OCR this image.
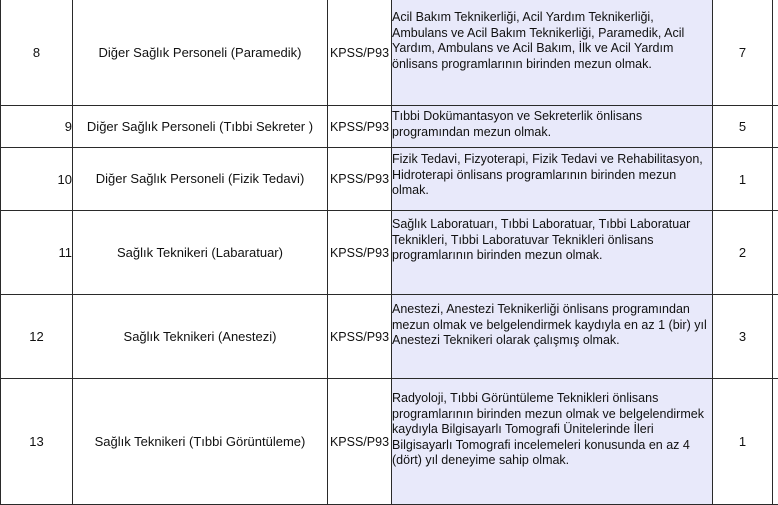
8	Diğer Sağlık Personeli (Paramedik)	KPSS/P93	Acil Bakım Teknikerliği, Acil Yardım Teknikerliği, Ambulans ve Acil Bakım Teknikerliği, Paramedik, Acil Yardım, Ambulans ve Acil Bakım, İlk ve Acil Yardım önlisans programlarının birinden mezun olmak.	7	
9	Diğer Sağlık Personeli (Tıbbi Sekreter )	KPSS/P93	Tıbbi Dokümantasyon ve Sekreterlik önlisans programından mezun olmak.	5	
10	Diğer Sağlık Personeli (Fizik Tedavi)	KPSS/P93	Fizik Tedavi, Fizyoterapi, Fizik Tedavi ve Rehabilitasyon, Hidroterapi önlisans programlarının birinden mezun olmak.	1	
11	Sağlık Teknikeri (Labaratuar)	KPSS/P93	Sağlık Laboratuarı, Tıbbi Laboratuar, Tıbbi Laboratuar Teknikleri, Tıbbi Laboratuvar Teknikleri önlisans programlarının birinden mezun olmak.	2	
12	Sağlık Teknikeri (Anestezi)	KPSS/P93	Anestezi, Anestezi Teknikerliği önlisans programından mezun olmak ve belgelendirmek kaydıyla en az 1 (bir) yıl Anestezi Teknikeri olarak çalışmış olmak.	3	
13	Sağlık Teknikeri (Tıbbi Görüntüleme)	KPSS/P93	Radyoloji, Tıbbi Görüntüleme Teknikleri önlisans programlarının birinden mezun olmak ve belgelendirmek kaydıyla Bilgisayarlı Tomografi Ünitelerinde İleri Bilgisayarlı Tomografi incelemeleri konusunda en az 4 (dört) yıl deneyime sahip olmak.	1	
